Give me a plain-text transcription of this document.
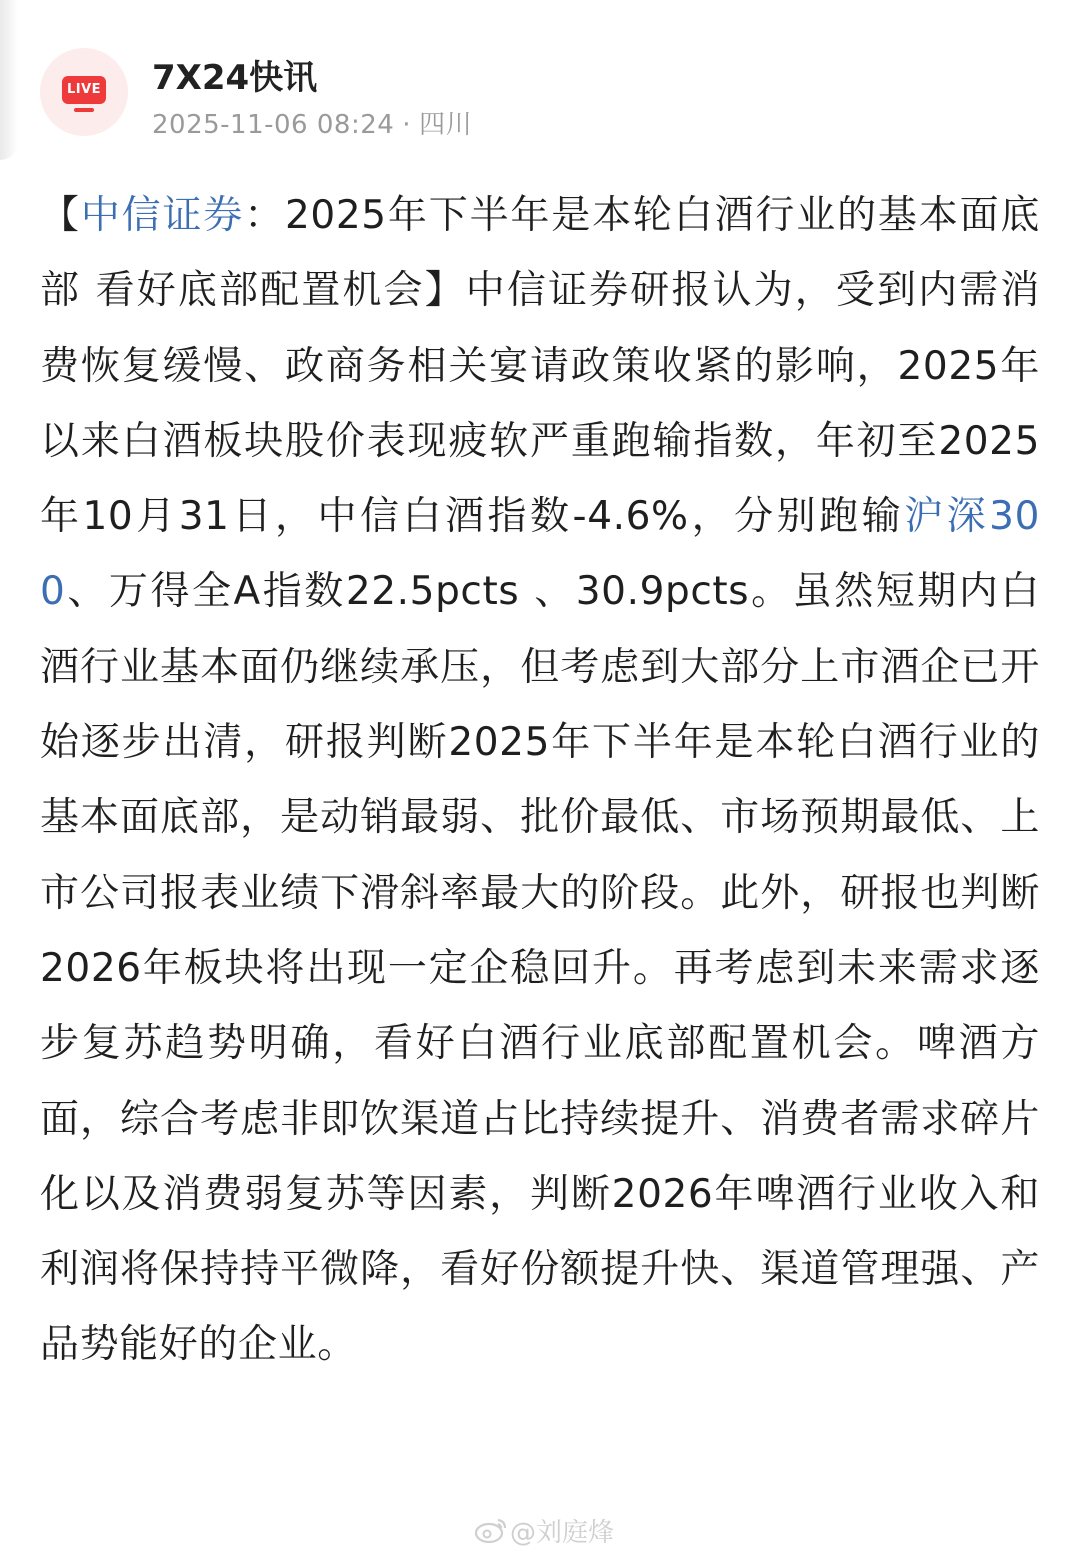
LIVE 7X24快讯
2025-11-06 08:24 · 四川
【中信证券：2025年下半年是本轮白酒行业的基本面底部 看好底部配置机会】中信证券研报认为，受到内需消费恢复缓慢、政商务相关宴请政策收紧的影响，2025年以来白酒板块股价表现疲软严重跑输指数，年初至2025年10月31日，中信白酒指数-4.6%，分别跑输沪深300、万得全A指数22.5pcts 、30.9pcts。虽然短期内白酒行业基本面仍继续承压，但考虑到大部分上市酒企已开始逐步出清，研报判断2025年下半年是本轮白酒行业的基本面底部，是动销最弱、批价最低、市场预期最低、上市公司报表业绩下滑斜率最大的阶段。此外，研报也判断2026年板块将出现一定企稳回升。再考虑到未来需求逐步复苏趋势明确，看好白酒行业底部配置机会。啤酒方面，综合考虑非即饮渠道占比持续提升、消费者需求碎片化以及消费弱复苏等因素，判断2026年啤酒行业收入和利润将保持持平微降，看好份额提升快、渠道管理强、产品势能好的企业。
@刘庭烽
